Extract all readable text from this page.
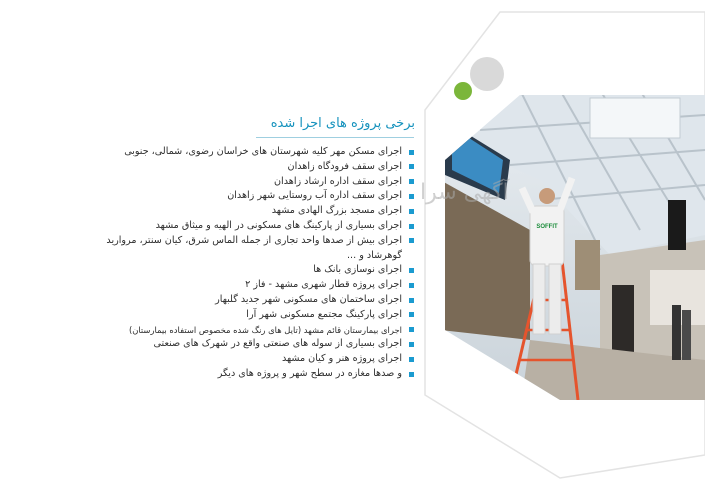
SOFFIT
برخی پروژه های اجرا شده
اجرای مسکن مهر کلیه شهرستان های خراسان رضوی، شمالی، جنوبی
اجرای سقف فرودگاه زاهدان
اجرای سقف اداره ارشاد زاهدان
اجرای سقف اداره آب روستایی شهر زاهدان
اجرای مسجد بزرگ الهادی مشهد
اجرای بسیاری از پارکینگ های مسکونی در الهیه و میثاق مشهد
اجرای بیش از صدها واحد تجاری از جمله الماس شرق، کیان سنتر، مروارید گوهرشاد و ...
اجرای نوسازی بانک ها
اجرای پروژه قطار شهری مشهد - فاز ۲
اجرای ساختمان های مسکونی شهر جدید گلبهار
اجرای پارکینگ مجتمع مسکونی شهر آرا
اجرای بیمارستان قائم مشهد (تایل های رنگ شده مخصوص استفاده بیمارستان)
اجرای بسیاری از سوله های صنعتی واقع در شهرک های صنعتی
اجرای پروژه هنر و کیان مشهد
و صدها مغازه در سطح شهر و پروژه های دیگر
آگهی سرا
